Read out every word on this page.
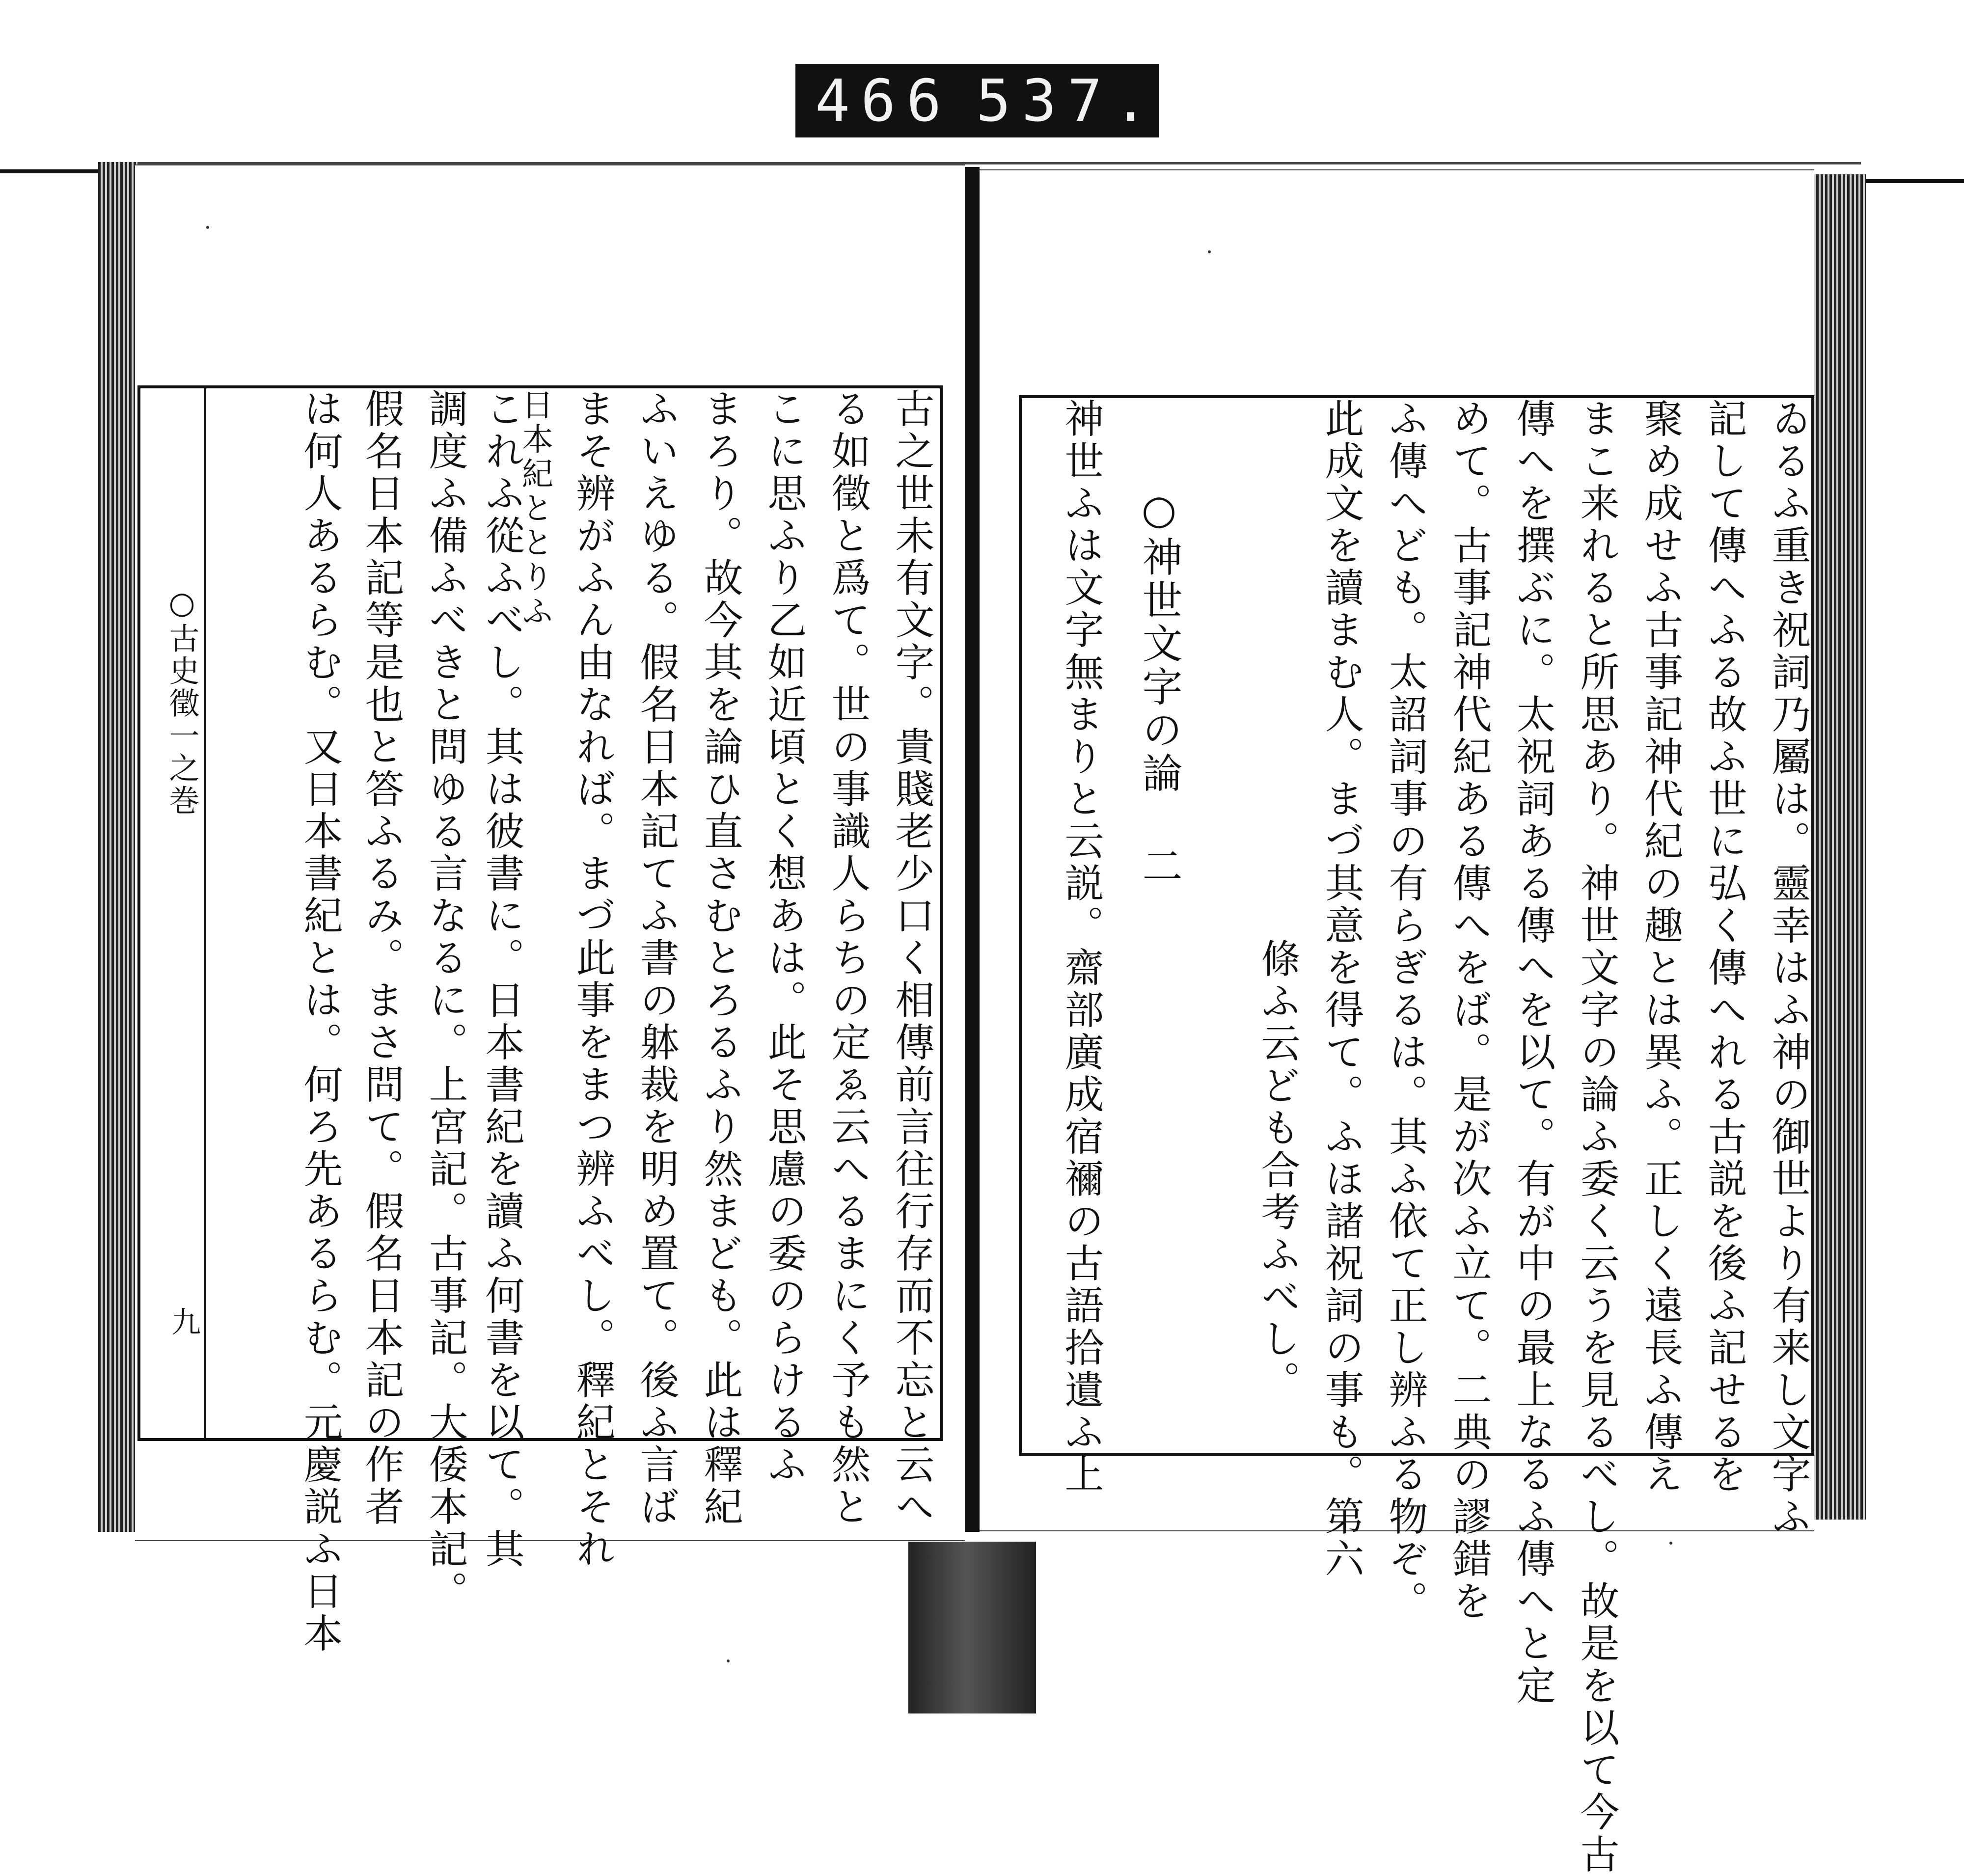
466 537.
○古史徵一之巻
九	古之世未有文字。貴賤老少口く相傳前言往行存而不忘と云へ
る如徵と爲て。世の事識人らちの定ゑ云へるまにく予も然と
こに思ふり乙如近頃とく想あは。此そ思慮の委のらけるふ
まろり。故今其を論ひ直さむとろるふり然まども。此は釋紀
ふいえゆる。假名日本記てふ書の躰裁を明め置て。後ふ言ば
まそ辨がふん由なれば。まづ此事をまつ辨ふべし。釋紀とそれ
日本紀ととりふ
これふ從ふべし。其は彼書に。日本書紀を讀ふ何書を以て。其
調度ふ備ふべきと問ゆる言なるに。上宮記。古事記。大倭本記。
假名日本記等是也と答ふるみ。まさ問て。假名日本記の作者
は何人あるらむ。又日本書紀とは。何ろ先あるらむ。元慶説ふ日本	ゐるふ重き祝詞乃屬は。靈幸はふ神の御世より有来し文字ふ
記して傳へふる故ふ世に弘く傳へれる古説を後ふ記せるを
聚め成せふ古事記神代紀の趣とは異ふ。正しく遠長ふ傳え
まこ来れると所思あり。神世文字の論ふ委く云うを見るべし。故是を以て今古
傳へを撰ぶに。太祝詞ある傳へを以て。有が中の最上なるふ傳へと定
めて。古事記神代紀ある傳へをば。是が次ふ立て。二典の謬錯を
ふ傳へども。太詔詞事の有らぎるは。其ふ依て正し辨ふる物ぞ。
此成文を讀まむ人。まづ其意を得て。ふほ諸祝詞の事も。第六
條ふ云ども合考ふべし。
○神世文字の論 二
神世ふは文字無まりと云説。齋部廣成宿禰の古語拾遺ふ上
